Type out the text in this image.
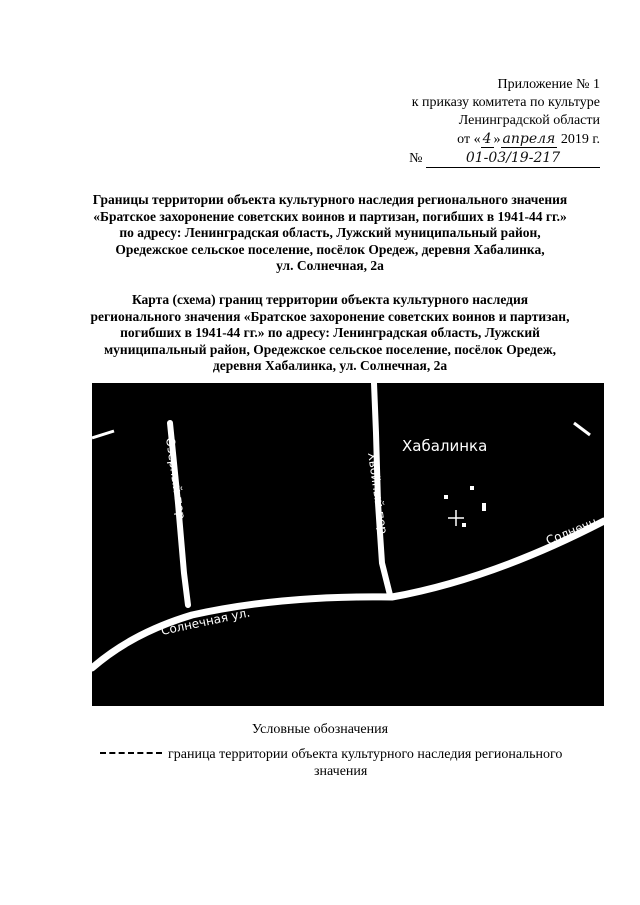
Приложение № 1
к приказу комитета по культуре
Ленинградской области
от « 4 » апреля 2019 г.
№	01-03/19-217
Границы территории объекта культурного наследия регионального значения
«Братское захоронение советских воинов и партизан, погибших в 1941-44 гг.»
по адресу: Ленинградская область, Лужский муниципальный район,
Оредежское сельское поселение, посёлок Оредеж, деревня Хабалинка,
ул. Солнечная, 2а
Карта (схема) границ территории объекта культурного наследия
регионального значения «Братское захоронение советских воинов и партизан,
погибших в 1941-44 гг.» по адресу: Ленинградская область, Лужский
муниципальный район, Оредежское сельское поселение, посёлок Оредеж,
деревня Хабалинка, ул. Солнечная, 2а
Хабалинка
Озерный пер.	Хвойный пер.
Солнечная ул.
Солнечн
Условные обозначения
граница территории объекта культурного наследия регионального
значения
